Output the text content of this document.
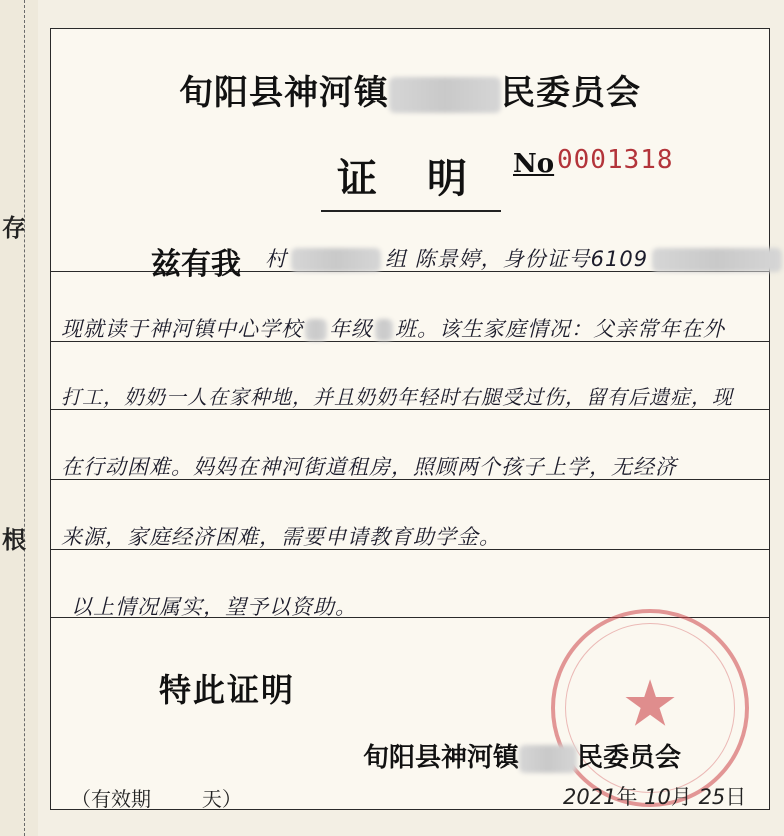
存
根
旬阳县神河镇	民委员会
证 明	No 0001318
兹有我 村	组 陈景婷，身份证号6109
现就读于神河镇中心学校 年级 班。该生家庭情况：父亲常年在外
打工，奶奶一人在家种地，并且奶奶年轻时右腿受过伤，留有后遗症，现
在行动困难。妈妈在神河街道租房，照顾两个孩子上学，无经济
来源，家庭经济困难，需要申请教育助学金。
以上情况属实，望予以资助。
★
特此证明
旬阳县神河镇 民委员会
（有效期        天）	2021年 10月 25日
